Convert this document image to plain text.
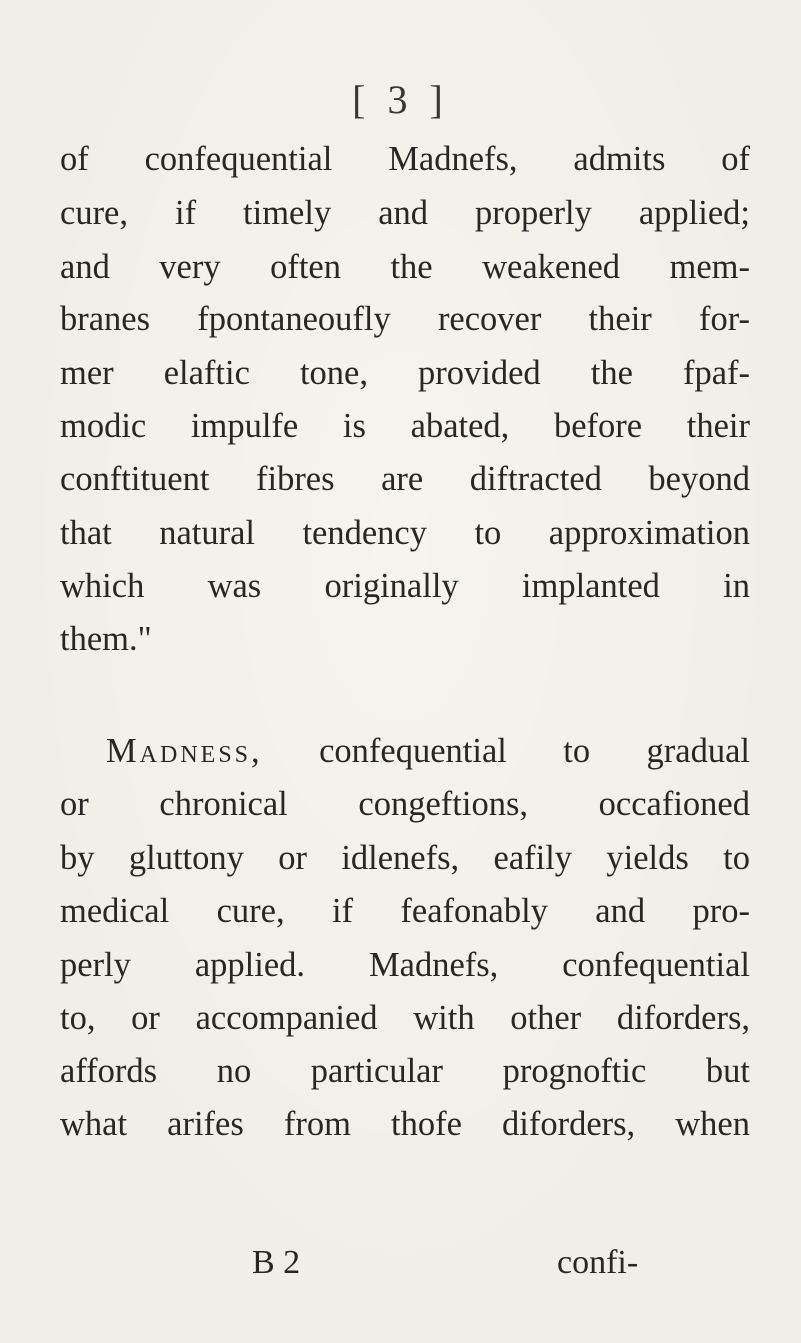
[ 3 ]
of confequential Madnefs, admits of
cure, if timely and properly applied;
and very often the weakened mem-
branes fpontaneoufly recover their for-
mer elaftic tone, provided the fpaf-
modic impulfe is abated, before their
conftituent fibres are diftracted beyond
that natural tendency to approximation
which was originally implanted in
them."
Madness, confequential to gradual
or chronical congeftions, occafioned
by gluttony or idlenefs, eafily yields to
medical cure, if feafonably and pro-
perly applied. Madnefs, confequential
to, or accompanied with other diforders,
affords no particular prognoftic but
what arifes from thofe diforders, when
B 2	confi-
